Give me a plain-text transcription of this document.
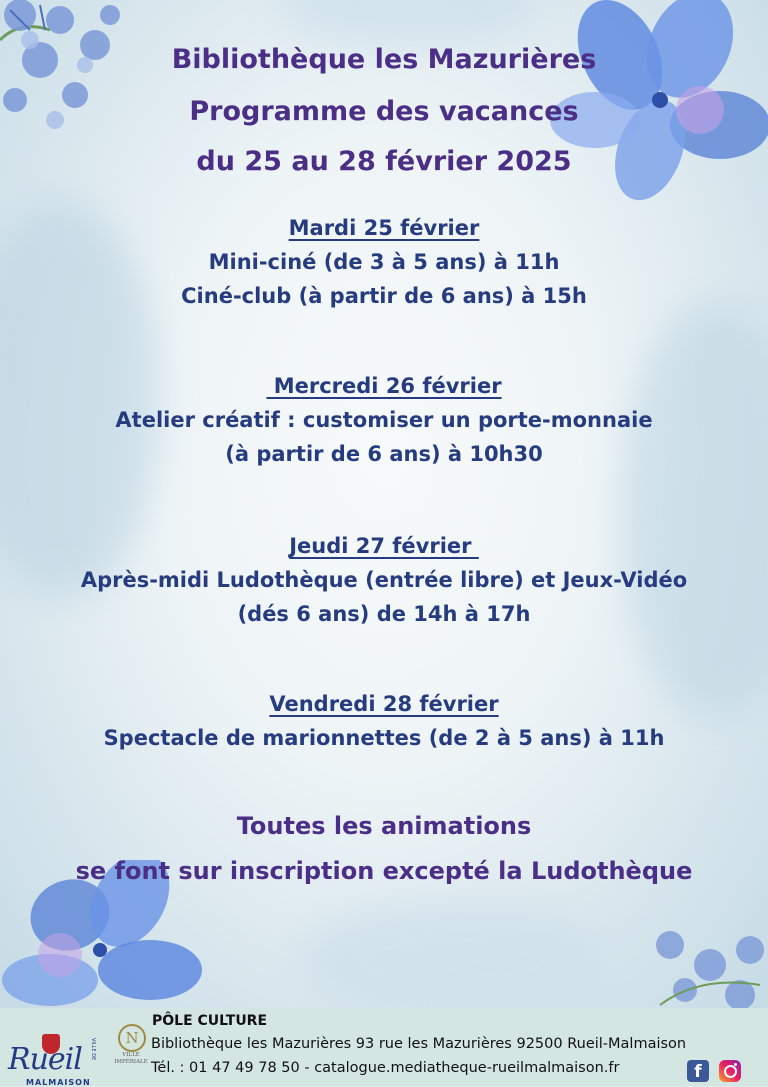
Bibliothèque les Mazurières
Programme des vacances
du 25 au 28 février 2025
Mardi 25 février
Mini-ciné (de 3 à 5 ans) à 11h
Ciné-club (à partir de 6 ans) à 15h
Mercredi 26 février
Atelier créatif : customiser un porte-monnaie
(à partir de 6 ans) à 10h30
Jeudi 27 février
Après-midi Ludothèque (entrée libre) et Jeux-Vidéo
(dés 6 ans) de 14h à 17h
Vendredi 28 février
Spectacle de marionnettes (de 2 à 5 ans) à 11h
Toutes les animations
se font sur inscription excepté la Ludothèque
Rueil
MALMAISON
VILLE DE	N
VILLE IMPÉRIALE
PÔLE CULTURE
Bibliothèque les Mazurières 93 rue les Mazurières 92500 Rueil-Malmaison
Tél. : 01 47 49 78 50 - catalogue.mediatheque-rueilmalmaison.fr	f
